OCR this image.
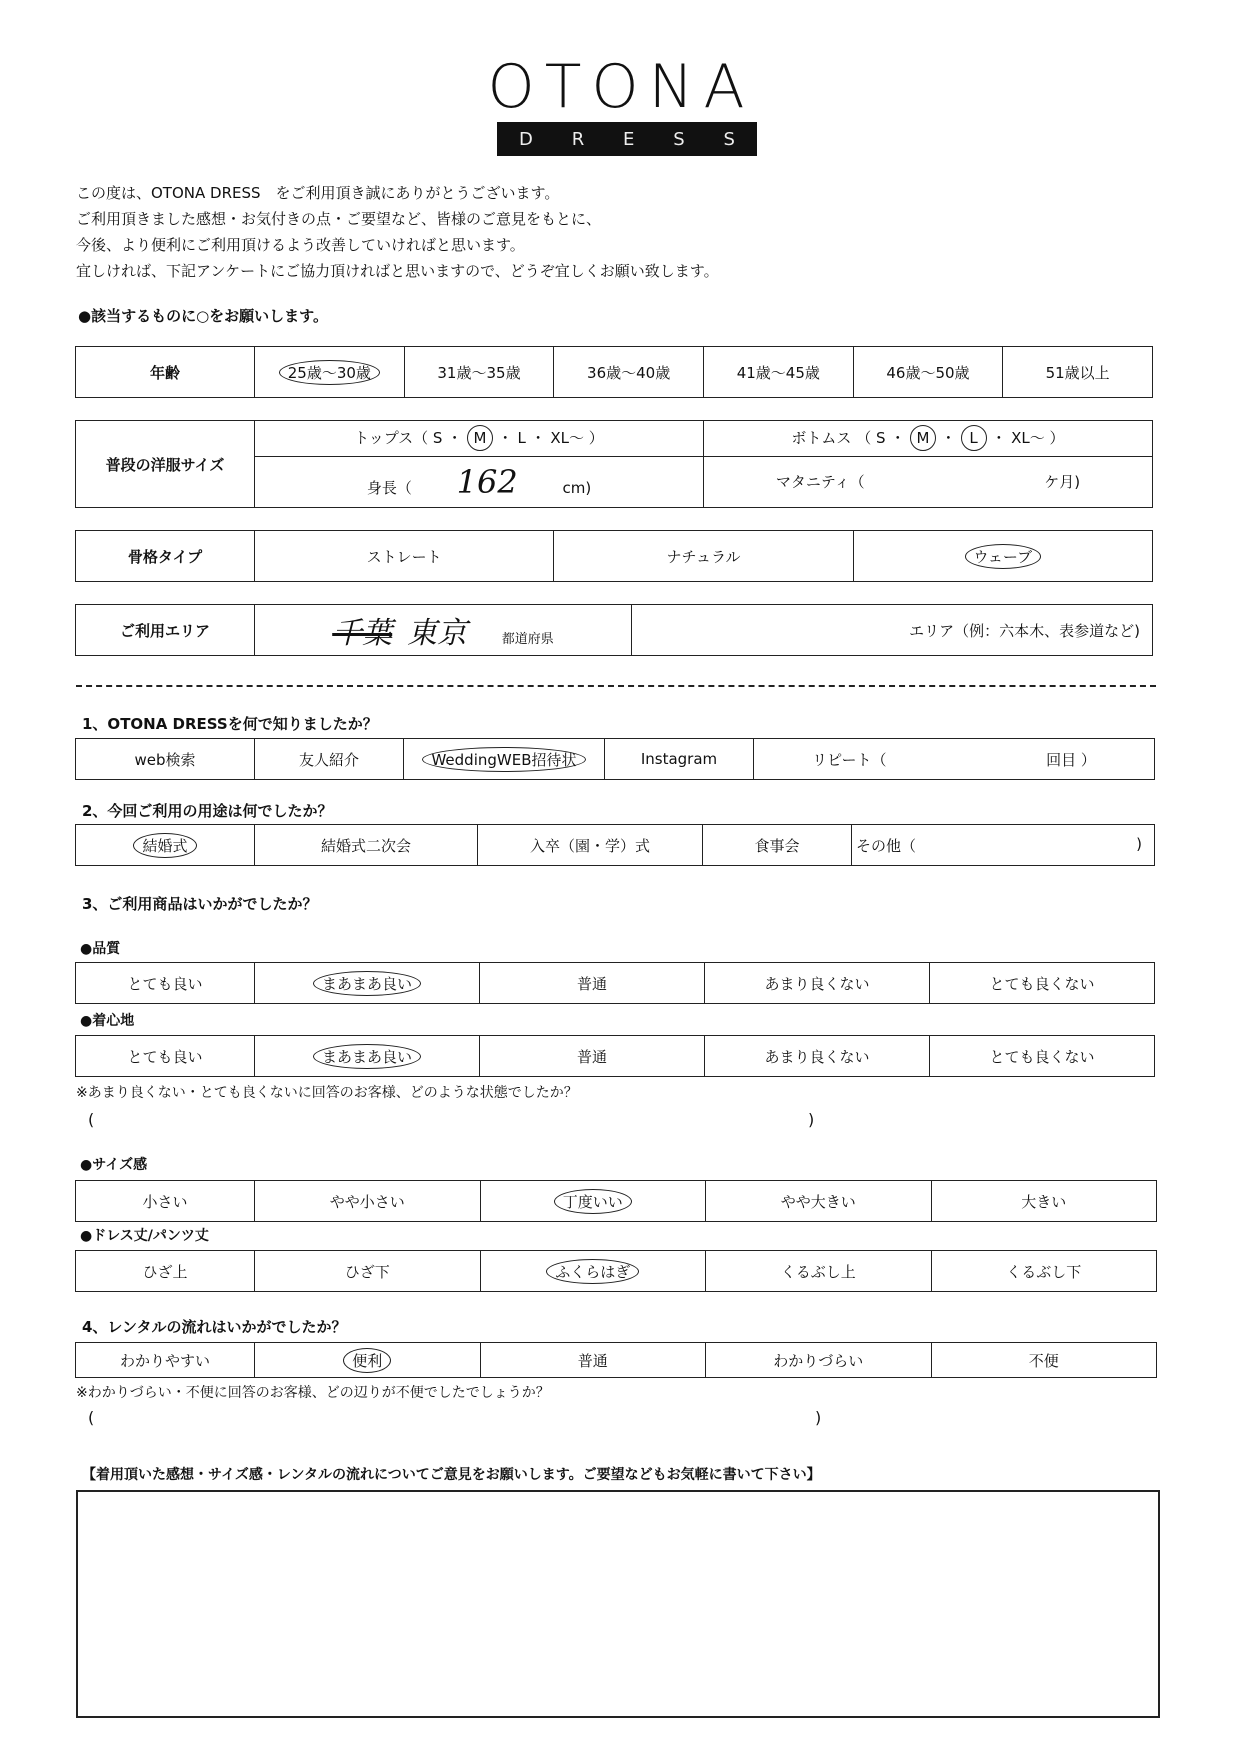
OTONA
D R E S S
この度は、OTONA DRESS　をご利用頂き誠にありがとうございます。
ご利用頂きました感想・お気付きの点・ご要望など、皆様のご意見をもとに、
今後、より便利にご利用頂けるよう改善していければと思います。
宜しければ、下記アンケートにご協力頂ければと思いますので、どうぞ宜しくお願い致します。
●該当するものに○をお願いします。
年齢	25歳〜30歳	31歳〜35歳	36歳〜40歳	41歳〜45歳	46歳〜50歳	51歳以上
普段の洋服サイズ	トップス（ S ・ M ・ L ・ XL〜 ）	ボトムス （ S ・ M ・ L ・ XL〜 ）
	身長（ 162 cm)	マタニティ（ ケ月)
骨格タイプ	ストレート	ナチュラル	ウェーブ
ご利用エリア	千葉 東京	都道府県	エリア（例：六本木、表参道など)
1、OTONA DRESSを何で知りましたか？
web検索	友人紹介	WeddingWEB招待状	Instagram	リピート（	回目 ）
2、今回ご利用の用途は何でしたか？
結婚式	結婚式二次会	入卒（園・学）式	食事会	その他（	)
3、ご利用商品はいかがでしたか？
●品質
とても良い	まあまあ良い	普通	あまり良くない	とても良くない
●着心地
とても良い	まあまあ良い	普通	あまり良くない	とても良くない
※あまり良くない・とても良くないに回答のお客様、どのような状態でしたか？
(	)
●サイズ感
小さい	やや小さい	丁度いい	やや大きい	大きい
●ドレス丈/パンツ丈
ひざ上	ひざ下	ふくらはぎ	くるぶし上	くるぶし下
4、レンタルの流れはいかがでしたか？
わかりやすい	便利	普通	わかりづらい	不便
※わかりづらい・不便に回答のお客様、どの辺りが不便でしたでしょうか？
(	)
【着用頂いた感想・サイズ感・レンタルの流れについてご意見をお願いします。ご要望などもお気軽に書いて下さい】
